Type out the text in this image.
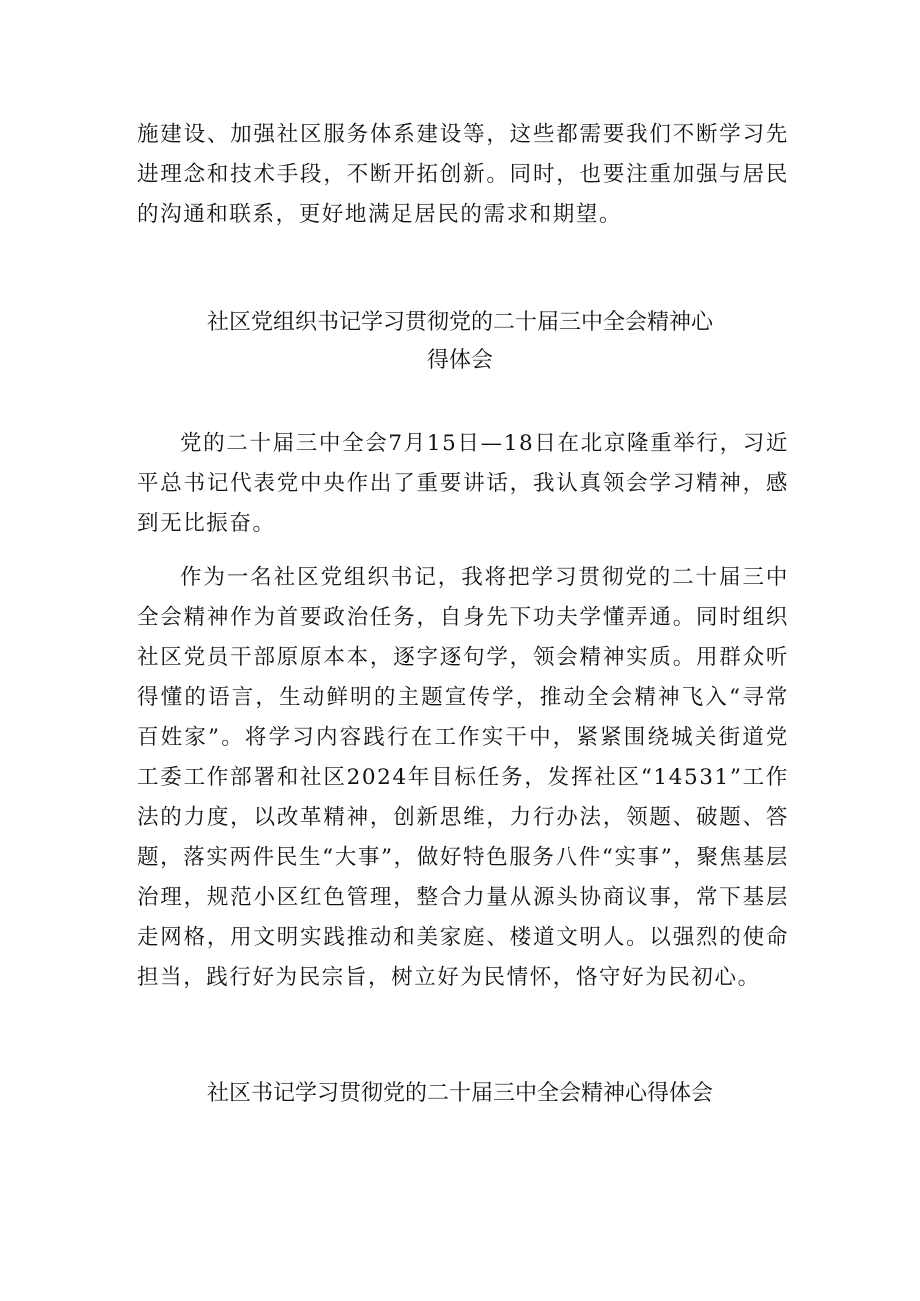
施建设、加强社区服务体系建设等，这些都需要我们不断学习先进理念和技术手段，不断开拓创新。同时，也要注重加强与居民的沟通和联系，更好地满足居民的需求和期望。

社区党组织书记学习贯彻党的二十届三中全会精神心
得体会

党的二十届三中全会7月15日—18日在北京隆重举行，习近平总书记代表党中央作出了重要讲话，我认真领会学习精神，感到无比振奋。

作为一名社区党组织书记，我将把学习贯彻党的二十届三中全会精神作为首要政治任务，自身先下功夫学懂弄通。同时组织社区党员干部原原本本，逐字逐句学，领会精神实质。用群众听得懂的语言，生动鲜明的主题宣传学，推动全会精神飞入“寻常百姓家”。将学习内容践行在工作实干中，紧紧围绕城关街道党工委工作部署和社区2024年目标任务，发挥社区“14531”工作法的力度，以改革精神，创新思维，力行办法，领题、破题、答题，落实两件民生“大事”，做好特色服务八件“实事”，聚焦基层治理，规范小区红色管理，整合力量从源头协商议事，常下基层走网格，用文明实践推动和美家庭、楼道文明人。以强烈的使命担当，践行好为民宗旨，树立好为民情怀，恪守好为民初心。

社区书记学习贯彻党的二十届三中全会精神心得体会
